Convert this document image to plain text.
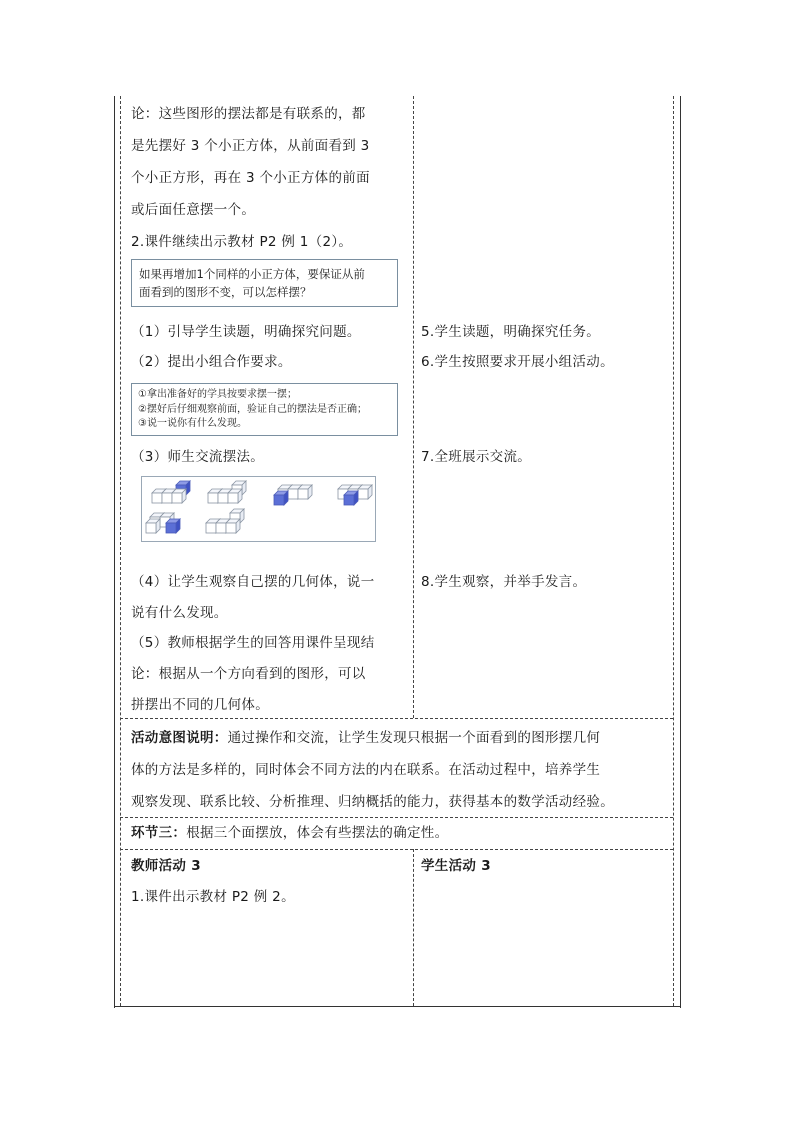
论：这些图形的摆法都是有联系的，都
是先摆好 3 个小正方体，从前面看到 3
个小正方形，再在 3 个小正方体的前面
或后面任意摆一个。
2.课件继续出示教材 P2 例 1（2）。
如果再增加1个同样的小正方体，要保证从前
面看到的图形不变，可以怎样摆？
（1）引导学生读题，明确探究问题。
（2）提出小组合作要求。
①拿出准备好的学具按要求摆一摆；
②摆好后仔细观察前面，验证自己的摆法是否正确；
③说一说你有什么发现。
（3）师生交流摆法。
（4）让学生观察自己摆的几何体，说一
说有什么发现。
（5）教师根据学生的回答用课件呈现结
论：根据从一个方向看到的图形，可以
拼摆出不同的几何体。
5.学生读题，明确探究任务。
6.学生按照要求开展小组活动。
7.全班展示交流。
8.学生观察，并举手发言。
活动意图说明：通过操作和交流，让学生发现只根据一个面看到的图形摆几何
体的方法是多样的，同时体会不同方法的内在联系。在活动过程中，培养学生
观察发现、联系比较、分析推理、归纳概括的能力，获得基本的数学活动经验。
环节三：根据三个面摆放，体会有些摆法的确定性。
教师活动 3	学生活动 3
1.课件出示教材 P2 例 2。
